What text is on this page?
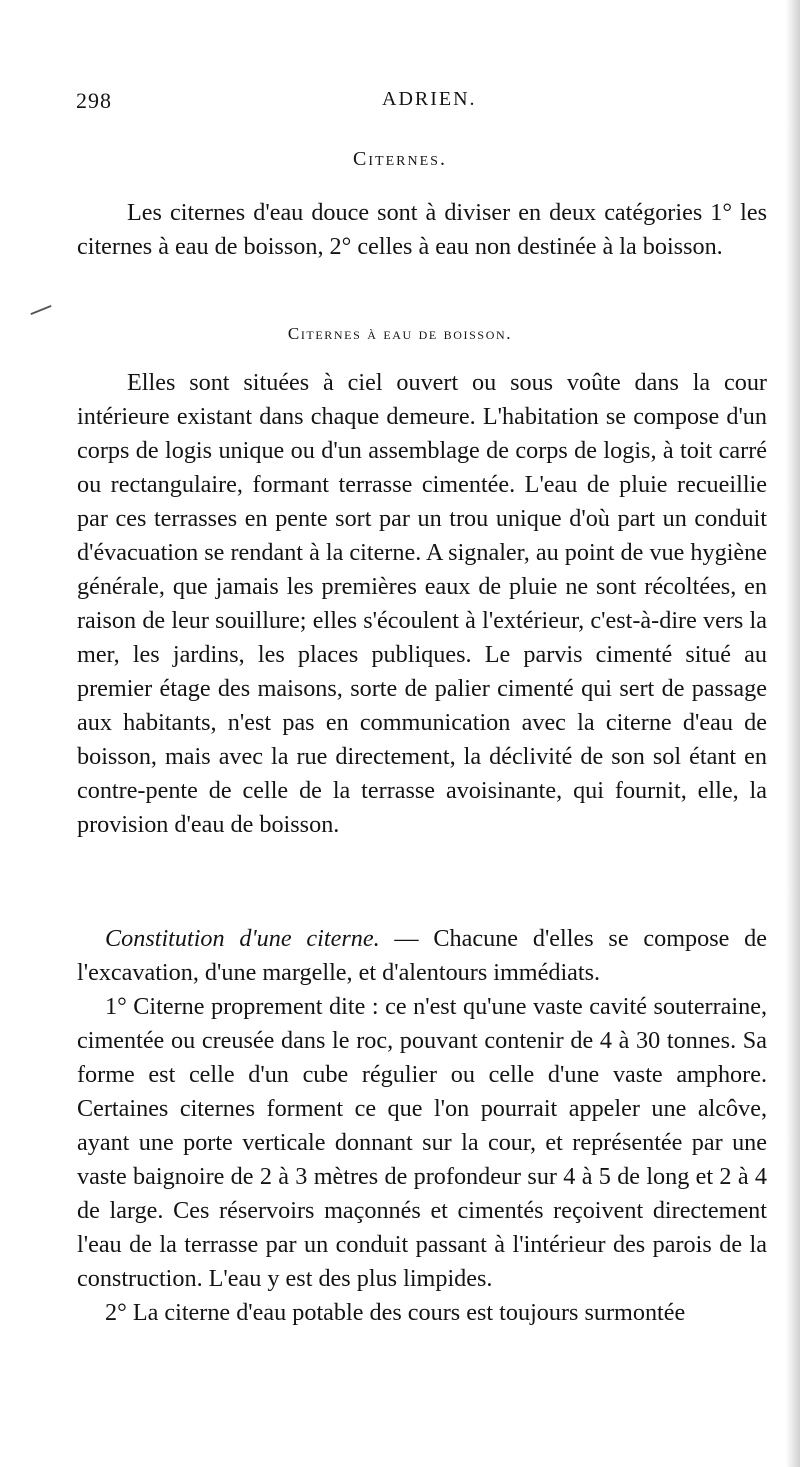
298	ADRIEN.
Citernes.

Les citernes d'eau douce sont à diviser en deux catégories 1° les citernes à eau de boisson, 2° celles à eau non destinée à la boisson.

Citernes à eau de boisson.

Elles sont situées à ciel ouvert ou sous voûte dans la cour intérieure existant dans chaque demeure. L'habitation se compose d'un corps de logis unique ou d'un assemblage de corps de logis, à toit carré ou rectangulaire, formant terrasse cimentée. L'eau de pluie recueillie par ces terrasses en pente sort par un trou unique d'où part un conduit d'évacuation se rendant à la citerne. A signaler, au point de vue hygiène générale, que jamais les premières eaux de pluie ne sont récoltées, en raison de leur souillure; elles s'écoulent à l'extérieur, c'est-à-dire vers la mer, les jardins, les places publiques. Le parvis cimenté situé au premier étage des maisons, sorte de palier cimenté qui sert de passage aux habitants, n'est pas en communication avec la citerne d'eau de boisson, mais avec la rue directement, la déclivité de son sol étant en contre-pente de celle de la terrasse avoisinante, qui fournit, elle, la provision d'eau de boisson.

Constitution d'une citerne. — Chacune d'elles se compose de l'excavation, d'une margelle, et d'alentours immédiats.

1° Citerne proprement dite : ce n'est qu'une vaste cavité souterraine, cimentée ou creusée dans le roc, pouvant contenir de 4 à 30 tonnes. Sa forme est celle d'un cube régulier ou celle d'une vaste amphore. Certaines citernes forment ce que l'on pourrait appeler une alcôve, ayant une porte verticale donnant sur la cour, et représentée par une vaste baignoire de 2 à 3 mètres de profondeur sur 4 à 5 de long et 2 à 4 de large. Ces réservoirs maçonnés et cimentés reçoivent directement l'eau de la terrasse par un conduit passant à l'intérieur des parois de la construction. L'eau y est des plus limpides.

2° La citerne d'eau potable des cours est toujours surmontée
